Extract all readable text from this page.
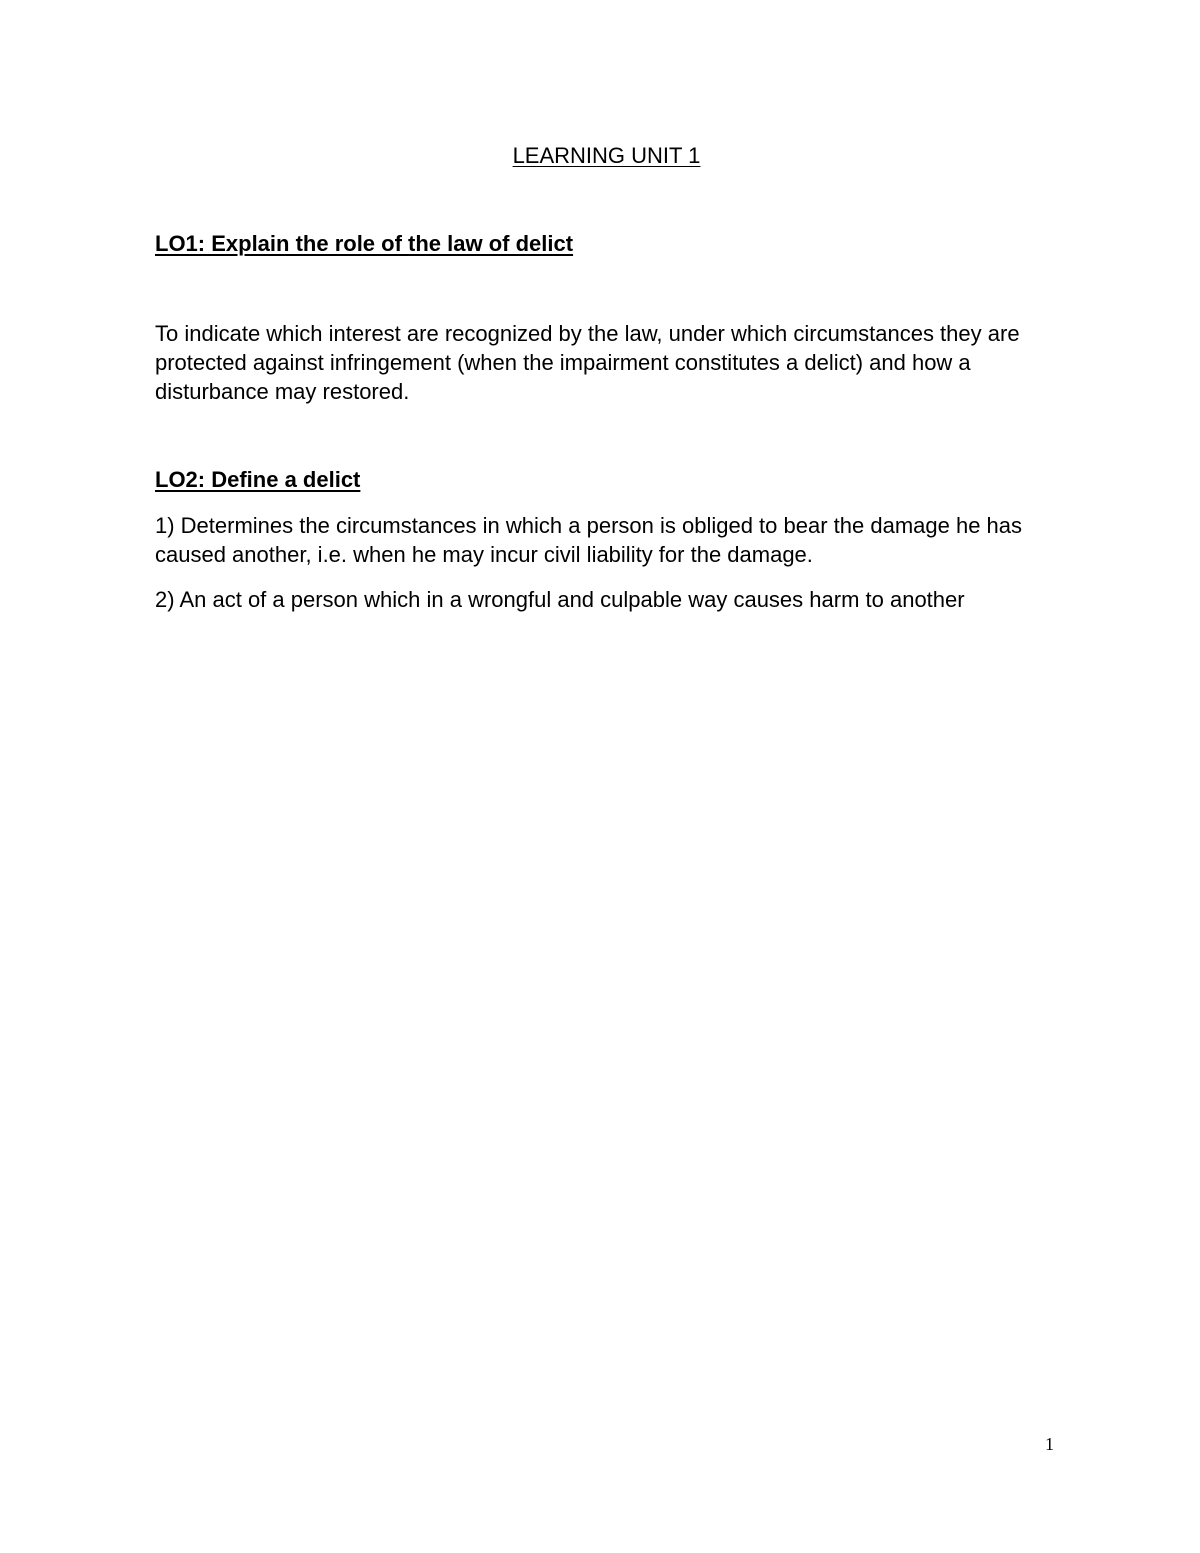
LEARNING UNIT 1
LO1: Explain the role of the law of delict

To indicate which interest are recognized by the law, under which circumstances they are protected against infringement (when the impairment constitutes a delict) and how a disturbance may restored.

LO2: Define a delict

1) Determines the circumstances in which a person is obliged to bear the damage he has caused another, i.e. when he may incur civil liability for the damage.

2) An act of a person which in a wrongful and culpable way causes harm to another

1
